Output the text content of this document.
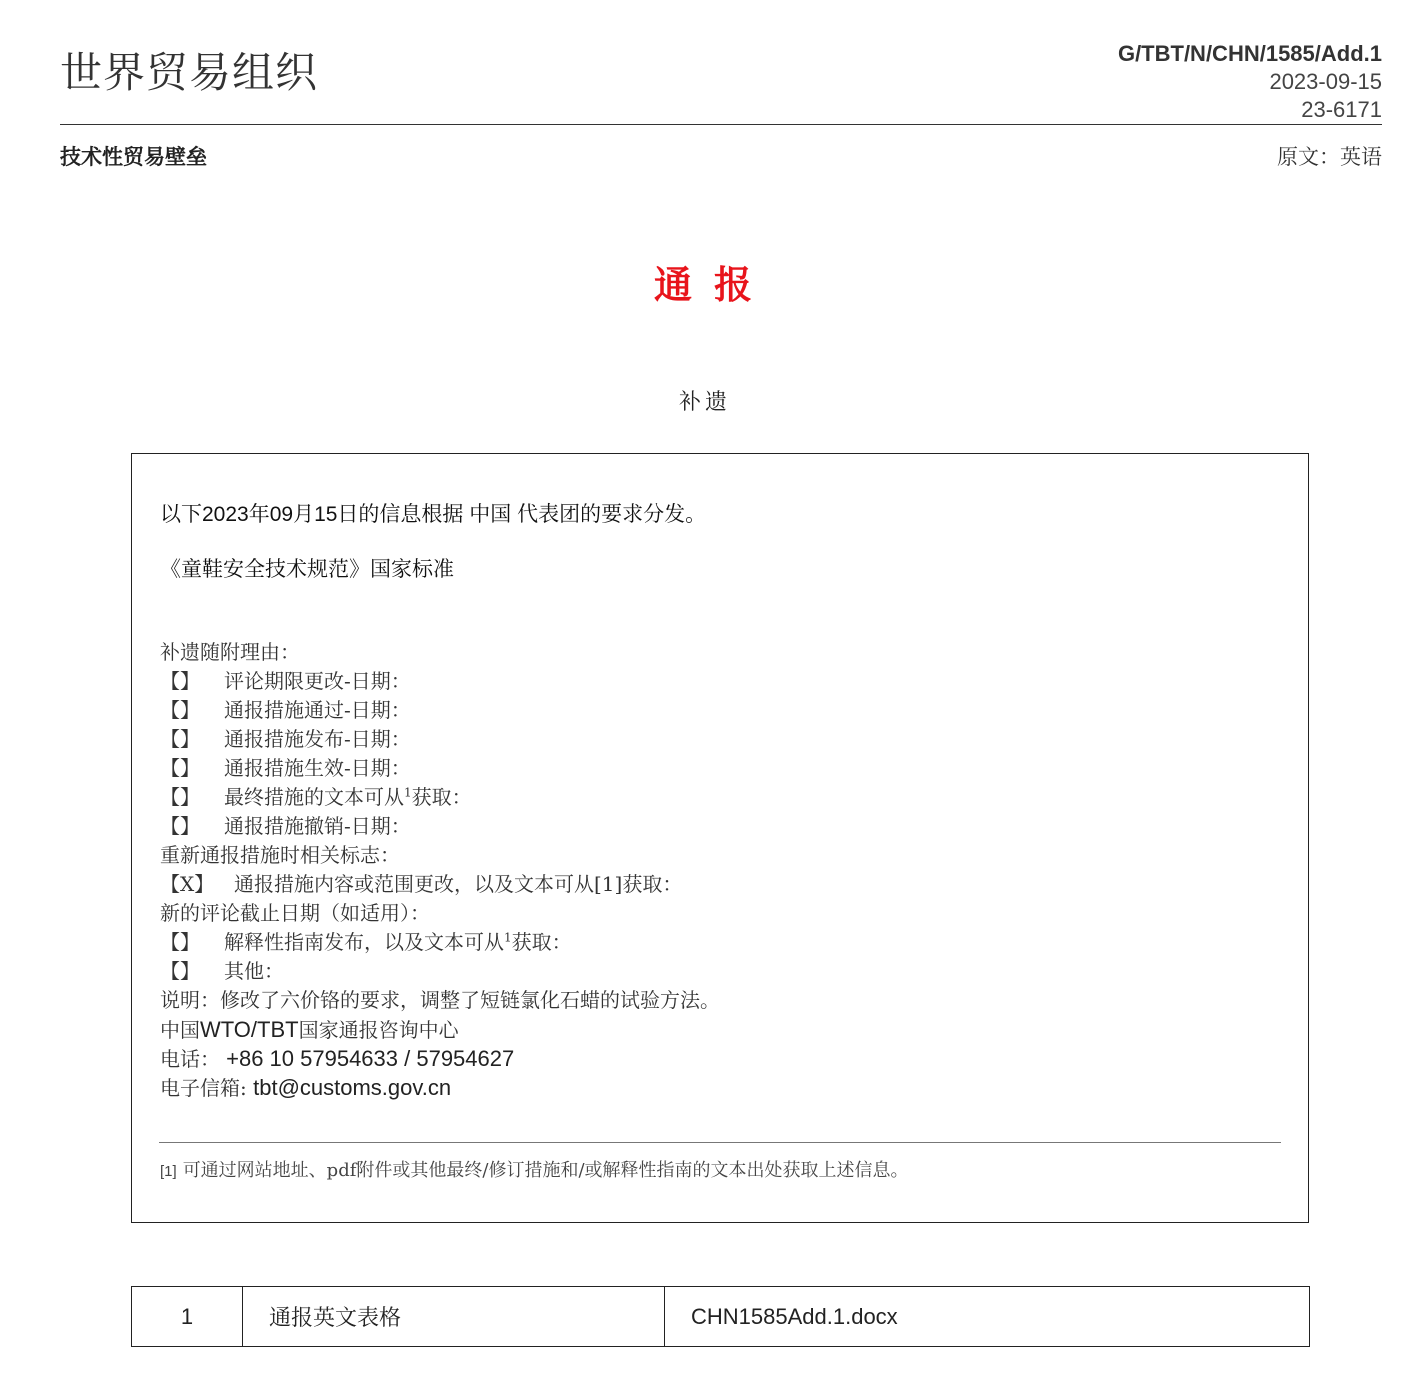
世界贸易组织	G/TBT/N/CHN/1585/Add.1
2023-09-15
23-6171
技术性贸易壁垒	原文：英语
通报
补遗
以下2023年09月15日的信息根据 中国 代表团的要求分发。
《童鞋安全技术规范》国家标准
补遗随附理由：
【】 评论期限更改-日期：
【】 通报措施通过-日期：
【】 通报措施发布-日期：
【】 通报措施生效-日期：
【】 最终措施的文本可从$^1$获取：
【】 通报措施撤销-日期：
重新通报措施时相关标志：
【X】 通报措施内容或范围更改，以及文本可从[1]获取：
新的评论截止日期（如适用）：
【】 解释性指南发布，以及文本可从$^1$获取：
【】 其他：
说明：修改了六价铬的要求，调整了短链氯化石蜡的试验方法。
中国WTO/TBT国家通报咨询中心
电话： +86 10 57954633 / 57954627
电子信箱: tbt@customs.gov.cn
[1] 可通过网站地址、pdf附件或其他最终/修订措施和/或解释性指南的文本出处获取上述信息。
1	通报英文表格	CHN1585Add.1.docx
